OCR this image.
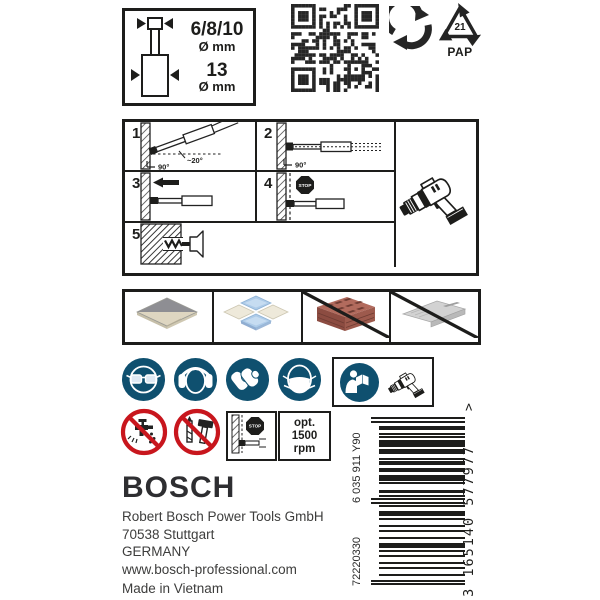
6/8/10
Ø mm
13
Ø mm
21
PAP
1
~20°
90°
2
90°
3	4	STOP
5
STOP	opt.
1500
rpm
BOSCH
Robert Bosch Power Tools GmbH
70538 Stuttgart
GERMANY
www.bosch-professional.com
Made in Vietnam
6 035 911 Y90
72220330	3 165140 577977
>
